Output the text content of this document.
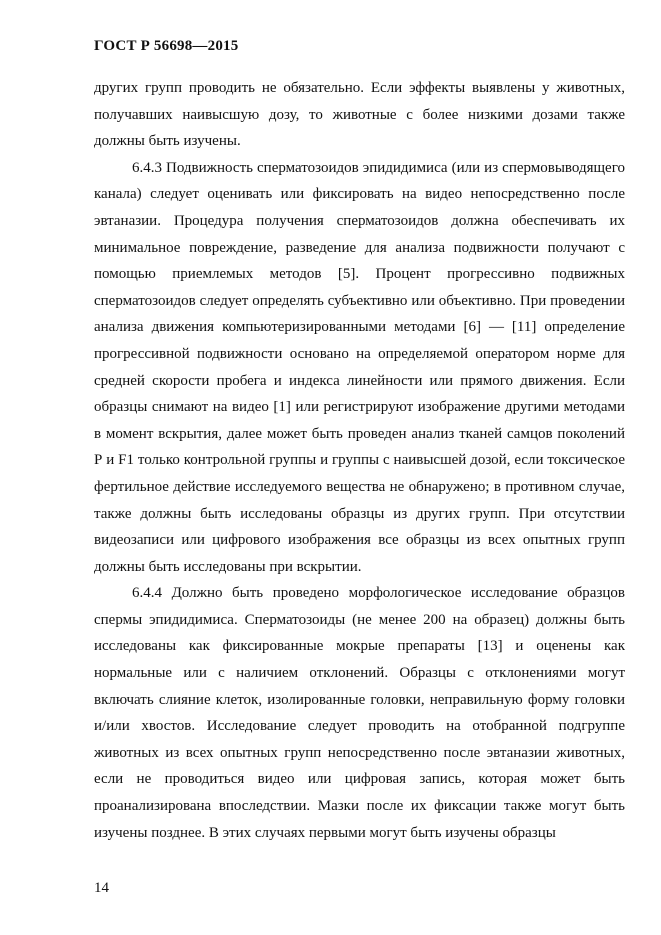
ГОСТ Р 56698—2015

других групп проводить не обязательно. Если эффекты выявлены у животных, получавших наивысшую дозу, то животные с более низкими дозами также должны быть изучены.

6.4.3 Подвижность сперматозоидов эпидидимиса (или из спермовыводящего канала) следует оценивать или фиксировать на видео непосредственно после эвтаназии. Процедура получения сперматозоидов должна обеспечивать их минимальное повреждение, разведение для анализа подвижности получают с помощью приемлемых методов [5]. Процент прогрессивно подвижных сперматозоидов следует определять субъективно или объективно. При проведении анализа движения компьютеризированными методами [6] — [11] определение прогрессивной подвижности основано на определяемой оператором норме для средней скорости пробега и индекса линейности или прямого движения. Если образцы снимают на видео [1] или регистрируют изображение другими методами в момент вскрытия, далее может быть проведен анализ тканей самцов поколений Р и F1 только контрольной группы и группы с наивысшей дозой, если токсическое фертильное действие исследуемого вещества не обнаружено; в противном случае, также должны быть исследованы образцы из других групп. При отсутствии видеозаписи или цифрового изображения все образцы из всех опытных групп должны быть исследованы при вскрытии.

6.4.4 Должно быть проведено морфологическое исследование образцов спермы эпидидимиса. Сперматозоиды (не менее 200 на образец) должны быть исследованы как фиксированные мокрые препараты [13] и оценены как нормальные или с наличием отклонений. Образцы с отклонениями могут включать слияние клеток, изолированные головки, неправильную форму головки и/или хвостов. Исследование следует проводить на отобранной подгруппе животных из всех опытных групп непосредственно после эвтаназии животных, если не проводиться видео или цифровая запись, которая может быть проанализирована впоследствии. Мазки после их фиксации также могут быть изучены позднее. В этих случаях первыми могут быть изучены образцы

14
